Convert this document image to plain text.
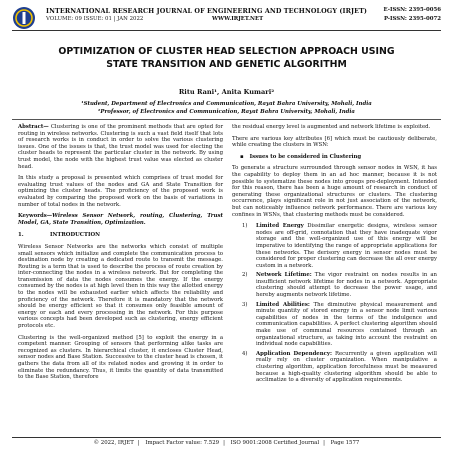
INTERNATIONAL RESEARCH JOURNAL OF ENGINEERING AND TECHNOLOGY (IRJET)
VOLUME: 09 ISSUE: 01 | JAN 2022	WWW.IRJET.NET
E-ISSN: 2395-0056
P-ISSN: 2395-0072
OPTIMIZATION OF CLUSTER HEAD SELECTION APPROACH USING
STATE TRANSITION AND GENETIC ALGORITHM
Ritu Rani¹, Anita Kumari²
¹Student, Department of Electronics and Communication, Rayat Bahra University, Mohali, India
²Professor, of Electronics and Communication, Rayat Bahra University, Mohali, India

Abstract— Clustering is one of the prominent methods that are opted for routing in wireless networks. Clustering is such a vast field itself that lots of research works is in conduct in order to solve the various clustering issues. One of the issues is that, the trust model was used for electing the cluster heads to represent the particular cluster in the network. By using trust model, the node with the highest trust value was elected as cluster head.

In this study a proposal is presented which comprises of trust model for evaluating trust values of the nodes and GA and State Transition for optimizing the cluster heads. The proficiency of the proposed work is evaluated by comparing the proposed work on the basis of variations in number of total nodes in the network.

Keywords—Wireless Sensor Network, routing, Clustering, Trust Model, GA, State Transition, Optimization.

1.	INTRODUCTION

Wireless Sensor Networks are the networks which consist of multiple small sensors which initialize and complete the communication process to destination node by creating a dedicated route to transmit the message. Routing is a term that is used to describe the process of route creation by inter-connecting the nodes in a wireless network. But for completing the transmission of data the nodes consumes the energy. If the energy consumed by the nodes is at high level then in this way the allotted energy to the nodes will be exhausted earlier which affects the reliability and proficiency of the network. Therefore it is mandatory that the network should be energy efficient so that it consumes only feasible amount of energy or each and every processing in the network. For this purpose various concepts had been developed such as clustering, energy efficient protocols etc.

Clustering is the well-organized method [5] to exploit the energy in a competent manner. Grouping of sensors that performing alike tasks are recognized as clusters. In hierarchical cluster, it encloses Cluster Head, sensor nodes and Base Station. Successive to the cluster head is chosen, it gathers the data from all of its related nodes and growing it in order to eliminate the redundancy. Thus, it limits the quantity of data transmitted to the Base Station, therefore

the residual energy level is augmented and network lifetime is exploited.

There are various key attributes [6] which must be cautiously deliberate, while creating the clusters in WSN:

▪ Issues to be considered in Clustering

To generate a structure surrounded through sensor nodes in WSN, it has the capability to deploy them in an ad hoc manner, because it is not possible to systematize these nodes into groups pre-deployment. Intended for this reason, there has been a huge amount of research in conduct of generating these organizational structures or clusters. The clustering occurrence, plays significant role in not just association of the network, but can noticeably influence network performance. There are various key confines in WSNs, that clustering methods must be considered.

1) Limited Energy Dissimilar energetic designs, wireless sensor nodes are off-grid, connotation that they have inadequate vigor storage and the well-organized use of this energy will be imperative to identifying the range of appropriate applications for these networks. The derisory energy in sensor nodes must be considered for proper clustering can decrease the all over energy custom in a network.
2) Network Lifetime: The vigor restraint on nodes results in an insufficient network lifetime for nodes in a network. Appropriate clustering should attempt to decrease the power usage, and hereby augments network lifetime.
3) Limited Abilities: The diminutive physical measurement and minute quantity of stored energy in a sensor node limit various capabilities of nodes in the terms of the indulgence and communication capabilities. A perfect clustering algorithm should make use of communal resources contained through an organizational structure, as taking into account the restraint on individual node capabilities.
4) Application Dependency: Recurrently a given application will really rely on cluster organization. When manipulative a clustering algorithm, application forcefulness must be measured because a high-quality clustering algorithm should be able to acclimatize to a diversity of application requirements.
© 2022, IRJET | Impact Factor value: 7.529 | ISO 9001:2008 Certified Journal | Page 1577
